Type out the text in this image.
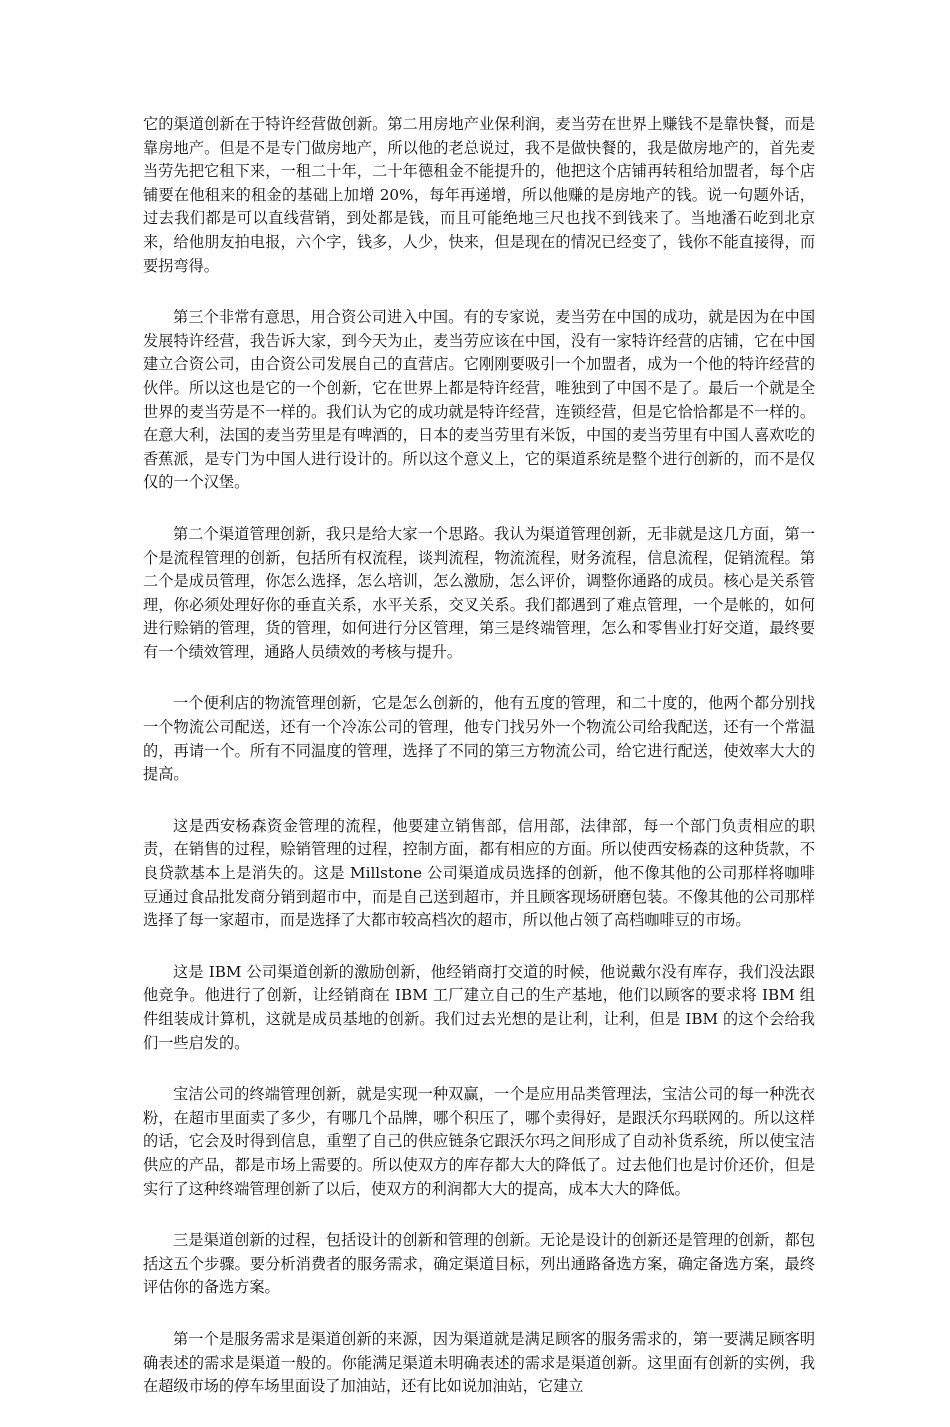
它的渠道创新在于特许经营做创新。第二用房地产业保利润，麦当劳在世界上赚钱不是靠快餐，而是靠房地产。但是不是专门做房地产，所以他的老总说过，我不是做快餐的，我是做房地产的，首先麦当劳先把它租下来，一租二十年，二十年德租金不能提升的，他把这个店铺再转租给加盟者，每个店铺要在他租来的租金的基础上加增 20%，每年再递增，所以他赚的是房地产的钱。说一句题外话，过去我们都是可以直线营销，到处都是钱，而且可能绝地三尺也找不到钱来了。当地潘石屹到北京来，给他朋友拍电报，六个字，钱多，人少，快来，但是现在的情况已经变了，钱你不能直接得，而要拐弯得。

第三个非常有意思，用合资公司进入中国。有的专家说，麦当劳在中国的成功，就是因为在中国发展特许经营，我告诉大家，到今天为止，麦当劳应该在中国，没有一家特许经营的店铺，它在中国建立合资公司，由合资公司发展自己的直营店。它刚刚要吸引一个加盟者，成为一个他的特许经营的伙伴。所以这也是它的一个创新，它在世界上都是特许经营，唯独到了中国不是了。最后一个就是全世界的麦当劳是不一样的。我们认为它的成功就是特许经营，连锁经营，但是它恰恰都是不一样的。在意大利，法国的麦当劳里是有啤酒的，日本的麦当劳里有米饭，中国的麦当劳里有中国人喜欢吃的香蕉派，是专门为中国人进行设计的。所以这个意义上，它的渠道系统是整个进行创新的，而不是仅仅的一个汉堡。

第二个渠道管理创新，我只是给大家一个思路。我认为渠道管理创新，无非就是这几方面，第一个是流程管理的创新，包括所有权流程，谈判流程，物流流程，财务流程，信息流程，促销流程。第二个是成员管理，你怎么选择，怎么培训，怎么激励，怎么评价，调整你通路的成员。核心是关系管理，你必须处理好你的垂直关系，水平关系，交叉关系。我们都遇到了难点管理，一个是帐的，如何进行赊销的管理，货的管理，如何进行分区管理，第三是终端管理，怎么和零售业打好交道，最终要有一个绩效管理，通路人员绩效的考核与提升。

一个便利店的物流管理创新，它是怎么创新的，他有五度的管理，和二十度的，他两个都分别找一个物流公司配送，还有一个冷冻公司的管理，他专门找另外一个物流公司给我配送，还有一个常温的，再请一个。所有不同温度的管理，选择了不同的第三方物流公司，给它进行配送，使效率大大的提高。

这是西安杨森资金管理的流程，他要建立销售部，信用部，法律部，每一个部门负责相应的职责，在销售的过程，赊销管理的过程，控制方面，都有相应的方面。所以使西安杨森的这种货款，不良贷款基本上是消失的。这是 Millstone 公司渠道成员选择的创新，他不像其他的公司那样将咖啡豆通过食品批发商分销到超市中，而是自己送到超市，并且顾客现场研磨包装。不像其他的公司那样选择了每一家超市，而是选择了大都市较高档次的超市，所以他占领了高档咖啡豆的市场。

这是 IBM 公司渠道创新的激励创新，他经销商打交道的时候，他说戴尔没有库存，我们没法跟他竞争。他进行了创新，让经销商在 IBM 工厂建立自己的生产基地，他们以顾客的要求将 IBM 组件组装成计算机，这就是成员基地的创新。我们过去光想的是让利，让利，但是 IBM 的这个会给我们一些启发的。

宝洁公司的终端管理创新，就是实现一种双赢，一个是应用品类管理法，宝洁公司的每一种洗衣粉，在超市里面卖了多少，有哪几个品牌，哪个积压了，哪个卖得好，是跟沃尔玛联网的。所以这样的话，它会及时得到信息，重塑了自己的供应链条它跟沃尔玛之间形成了自动补货系统，所以使宝洁供应的产品，都是市场上需要的。所以使双方的库存都大大的降低了。过去他们也是讨价还价，但是实行了这种终端管理创新了以后，使双方的利润都大大的提高，成本大大的降低。

三是渠道创新的过程，包括设计的创新和管理的创新。无论是设计的创新还是管理的创新，都包括这五个步骤。要分析消费者的服务需求，确定渠道目标，列出通路备选方案，确定备选方案，最终评估你的备选方案。

第一个是服务需求是渠道创新的来源，因为渠道就是满足顾客的服务需求的，第一要满足顾客明确表述的需求是渠道一般的。你能满足渠道未明确表述的需求是渠道创新。这里面有创新的实例，我在超级市场的停车场里面设了加油站，还有比如说加油站，它建立
